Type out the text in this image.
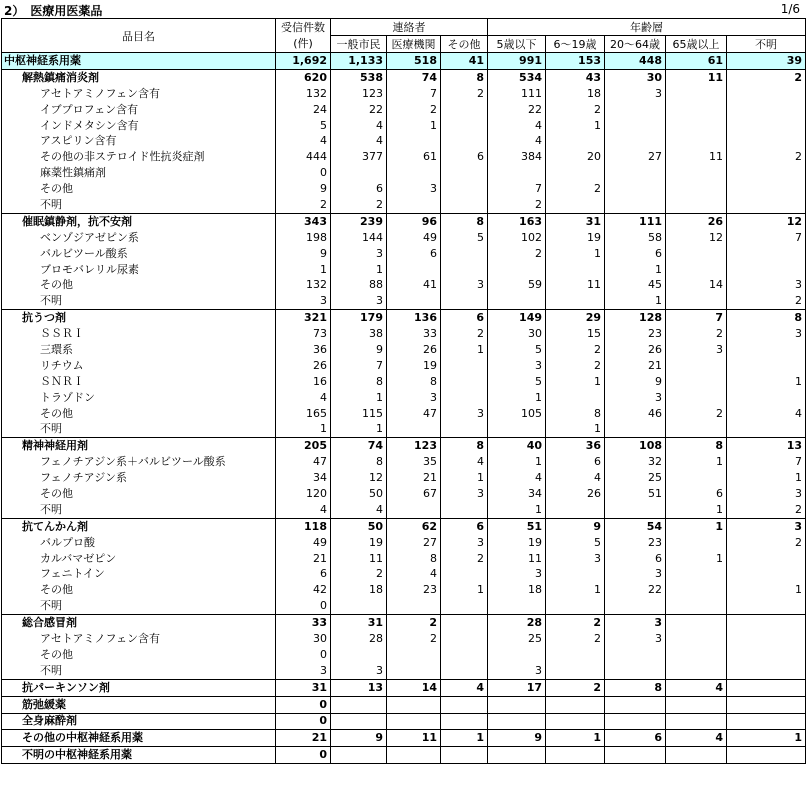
2）　医療用医薬品	1/6
品目名	受信件数	連絡者			年齢層				
	(件)	一般市民	医療機関	その他	5歳以下	6～19歳	20～64歳	65歳以上	不明
中枢神経系用薬	1,692	1,133	518	41	991	153	448	61	39
解熱鎮痛消炎剤	620	538	74	8	534	43	30	11	2
アセトアミノフェン含有	132	123	7	2	111	18	3		
イブプロフェン含有	24	22	2		22	2			
インドメタシン含有	5	4	1		4	1			
アスピリン含有	4	4			4				
その他の非ステロイド性抗炎症剤	444	377	61	6	384	20	27	11	2
麻薬性鎮痛剤	0								
その他	9	6	3		7	2			
不明	2	2			2				
催眠鎮静剤，抗不安剤	343	239	96	8	163	31	111	26	12
ベンゾジアゼピン系	198	144	49	5	102	19	58	12	7
バルビツール酸系	9	3	6		2	1	6		
ブロモバレリル尿素	1	1					1		
その他	132	88	41	3	59	11	45	14	3
不明	3	3					1		2
抗うつ剤	321	179	136	6	149	29	128	7	8
ＳＳＲＩ	73	38	33	2	30	15	23	2	3
三環系	36	9	26	1	5	2	26	3	
リチウム	26	7	19		3	2	21		
ＳＮＲＩ	16	8	8		5	1	9		1
トラゾドン	4	1	3		1		3		
その他	165	115	47	3	105	8	46	2	4
不明	1	1				1			
精神神経用剤	205	74	123	8	40	36	108	8	13
フェノチアジン系＋バルビツール酸系	47	8	35	4	1	6	32	1	7
フェノチアジン系	34	12	21	1	4	4	25		1
その他	120	50	67	3	34	26	51	6	3
不明	4	4			1			1	2
抗てんかん剤	118	50	62	6	51	9	54	1	3
バルプロ酸	49	19	27	3	19	5	23		2
カルバマゼピン	21	11	8	2	11	3	6	1	
フェニトイン	6	2	4		3		3		
その他	42	18	23	1	18	1	22		1
不明	0								
総合感冒剤	33	31	2		28	2	3		
アセトアミノフェン含有	30	28	2		25	2	3		
その他	0								
不明	3	3			3				
抗パーキンソン剤	31	13	14	4	17	2	8	4	
筋弛緩薬	0								
全身麻酔剤	0								
その他の中枢神経系用薬	21	9	11	1	9	1	6	4	1
不明の中枢神経系用薬	0								
